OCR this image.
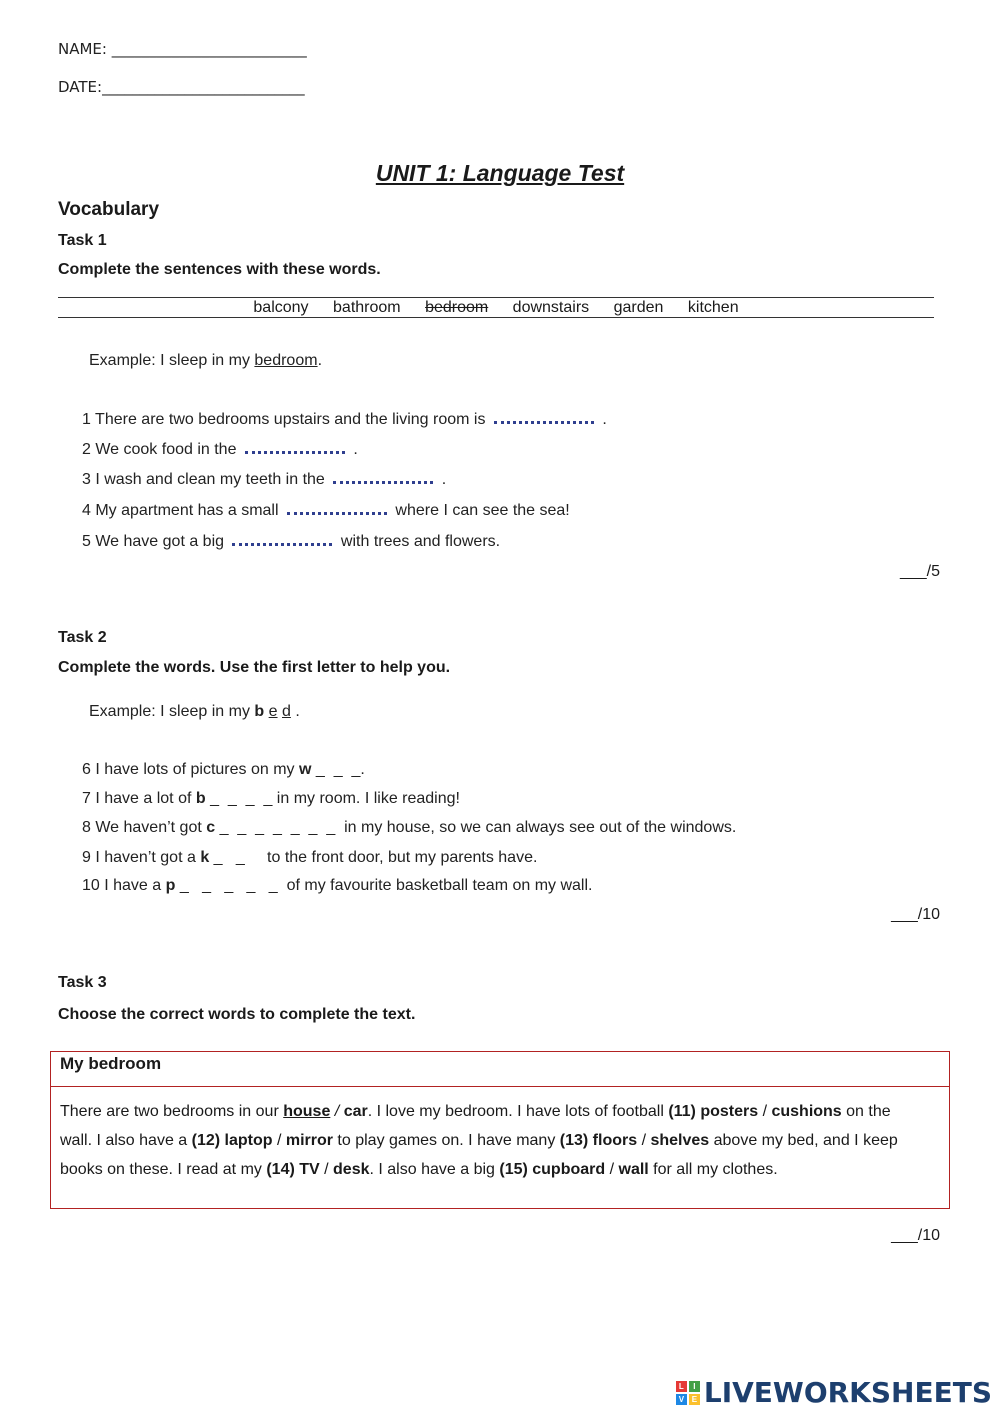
NAME: __________________________
DATE:___________________________
UNIT 1: Language Test
Vocabulary
Task 1
Complete the sentences with these words.
balcony bathroom bedroom downstairs garden kitchen
Example: I sleep in my bedroom.
1 There are two bedrooms upstairs and the living room is	.
2 We cook food in the	.
3 I wash and clean my teeth in the	.
4 My apartment has a small	where I can see the sea!
5 We have got a big	with trees and flowers.
___/5
Task 2
Complete the words. Use the first letter to help you.
Example: I sleep in my b e d .
6 I have lots of pictures on my w _  _  _.
7 I have a lot of b _  _  _  _ in my room. I like reading!
8 We haven’t got c _  _  _  _  _  _  _  in my house, so we can always see out of the windows.
9 I haven’t got a k _   _     to the front door, but my parents have.
10 I have a p _   _   _   _   _  of my favourite basketball team on my wall.
___/10
Task 3
Choose the correct words to complete the text.
My bedroom
There are two bedrooms in our house / car. I love my bedroom. I have lots of football (11) posters / cushions on the
wall. I also have a (12) laptop / mirror to play games on. I have many (13) floors / shelves above my bed, and I keep
books on these. I read at my (14) TV / desk. I also have a big (15) cupboard / wall for all my clothes.
___/10
L	I
V E LIVEWORKSHEETS
